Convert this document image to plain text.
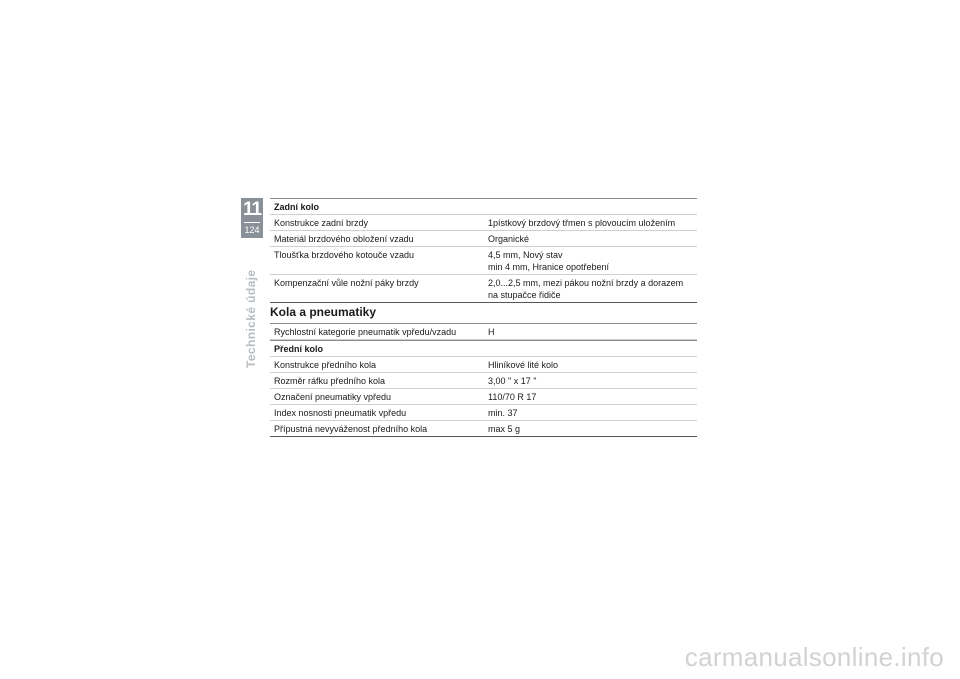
11
124
Technické údaje
Zadní kolo
Konstrukce zadní brzdy	1pístkový brzdový třmen s plovoucím uložením
Materiál brzdového obložení vzadu	Organické
Tloušťka brzdového kotouče vzadu	4,5 mm, Nový stav
min 4 mm, Hranice opotřebení
Kompenzační vůle nožní páky brzdy	2,0...2,5 mm, mezi pákou nožní brzdy a dorazem
na stupačce řidiče
Kola a pneumatiky
Rychlostní kategorie pneumatik vpředu/vzadu	H
Přední kolo
Konstrukce předního kola	Hliníkové lité kolo
Rozměr ráfku předního kola	3,00 " x 17 "
Označení pneumatiky vpředu	110/70 R 17
Index nosnosti pneumatik vpředu	min. 37
Přípustná nevyváženost předního kola	max 5 g
carmanualsonline.info
